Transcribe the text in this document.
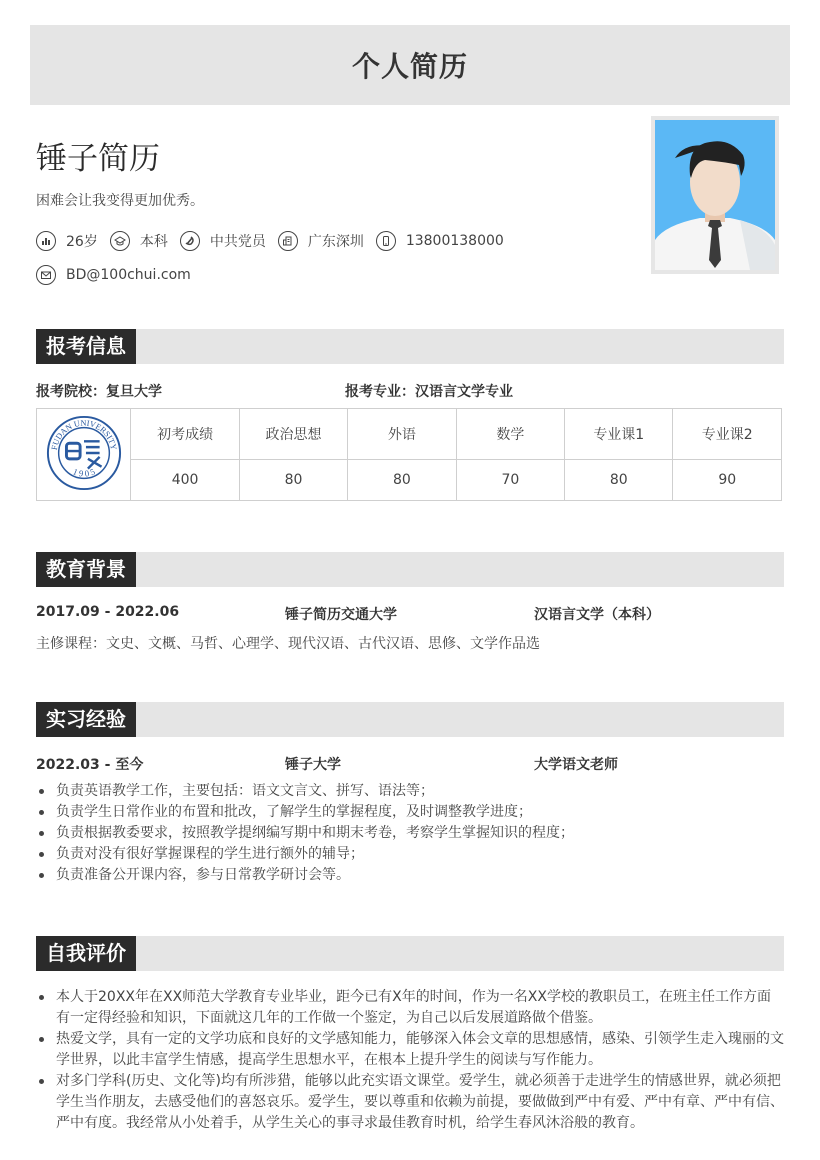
个人简历
锤子简历
困难会让我变得更加优秀。
26岁	本科	中共党员	广东深圳	13800138000
BD@100chui.com
报考信息
报考院校：复旦大学	报考专业：汉语言文学专业
FUDAN UNIVERSITY
1 9 0 5	初考成绩	政治思想	外语	数学	专业课1	专业课2
	400	80	80	70	80	90
教育背景
2017.09 - 2022.06	锤子简历交通大学	汉语言文学（本科）
主修课程：文史、文概、马哲、心理学、现代汉语、古代汉语、思修、文学作品选
实习经验
2022.03 - 至今	锤子大学	大学语文老师
负责英语教学工作，主要包括：语文文言文、拼写、语法等；
负责学生日常作业的布置和批改，了解学生的掌握程度，及时调整教学进度；
负责根据教委要求，按照教学提纲编写期中和期末考卷，考察学生掌握知识的程度；
负责对没有很好掌握课程的学生进行额外的辅导；
负责准备公开课内容，参与日常教学研讨会等。
自我评价
本人于20XX年在XX师范大学教育专业毕业，距今已有X年的时间，作为一名XX学校的教职员工，在班主任工作方面有一定得经验和知识，下面就这几年的工作做一个鉴定，为自己以后发展道路做个借鉴。
热爱文学，具有一定的文学功底和良好的文学感知能力，能够深入体会文章的思想感情，感染、引领学生走入瑰丽的文学世界，以此丰富学生情感，提高学生思想水平，在根本上提升学生的阅读与写作能力。
对多门学科(历史、文化等)均有所涉猎，能够以此充实语文课堂。爱学生，就必须善于走进学生的情感世界，就必须把学生当作朋友，去感受他们的喜怒哀乐。爱学生，要以尊重和依赖为前提，要做做到严中有爱、严中有章、严中有信、严中有度。我经常从小处着手，从学生关心的事寻求最佳教育时机，给学生春风沐浴般的教育。
